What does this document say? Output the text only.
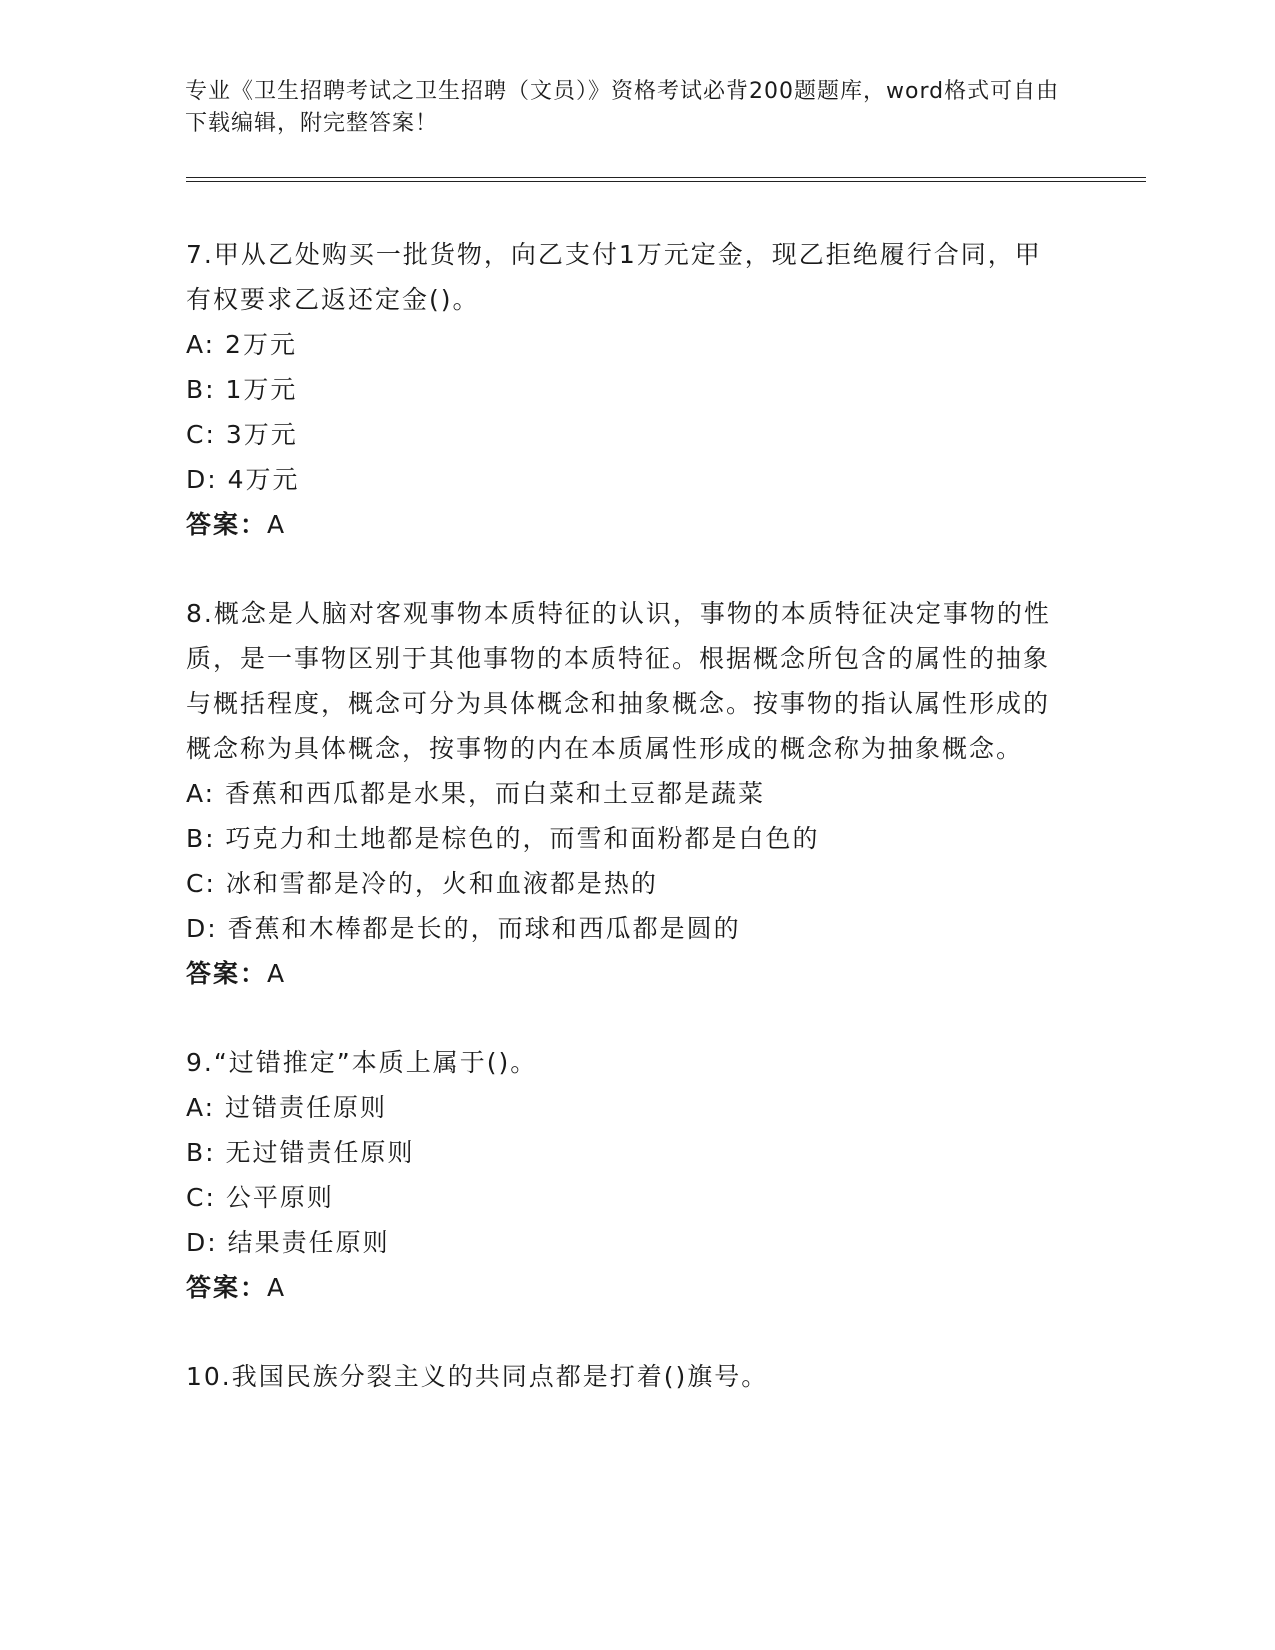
专业《卫生招聘考试之卫生招聘（文员）》资格考试必背200题题库，word格式可自由下载编辑，附完整答案！

7.甲从乙处购买一批货物，向乙支付1万元定金，现乙拒绝履行合同，甲有权要求乙返还定金()。

A: 2万元

B: 1万元

C: 3万元

D: 4万元

答案：A

8.概念是人脑对客观事物本质特征的认识，事物的本质特征决定事物的性质，是一事物区别于其他事物的本质特征。根据概念所包含的属性的抽象与概括程度，概念可分为具体概念和抽象概念。按事物的指认属性形成的概念称为具体概念，按事物的内在本质属性形成的概念称为抽象概念。

A: 香蕉和西瓜都是水果，而白菜和土豆都是蔬菜

B: 巧克力和土地都是棕色的，而雪和面粉都是白色的

C: 冰和雪都是冷的，火和血液都是热的

D: 香蕉和木棒都是长的，而球和西瓜都是圆的

答案：A

9.“过错推定”本质上属于()。

A: 过错责任原则

B: 无过错责任原则

C: 公平原则

D: 结果责任原则

答案：A

10.我国民族分裂主义的共同点都是打着()旗号。
